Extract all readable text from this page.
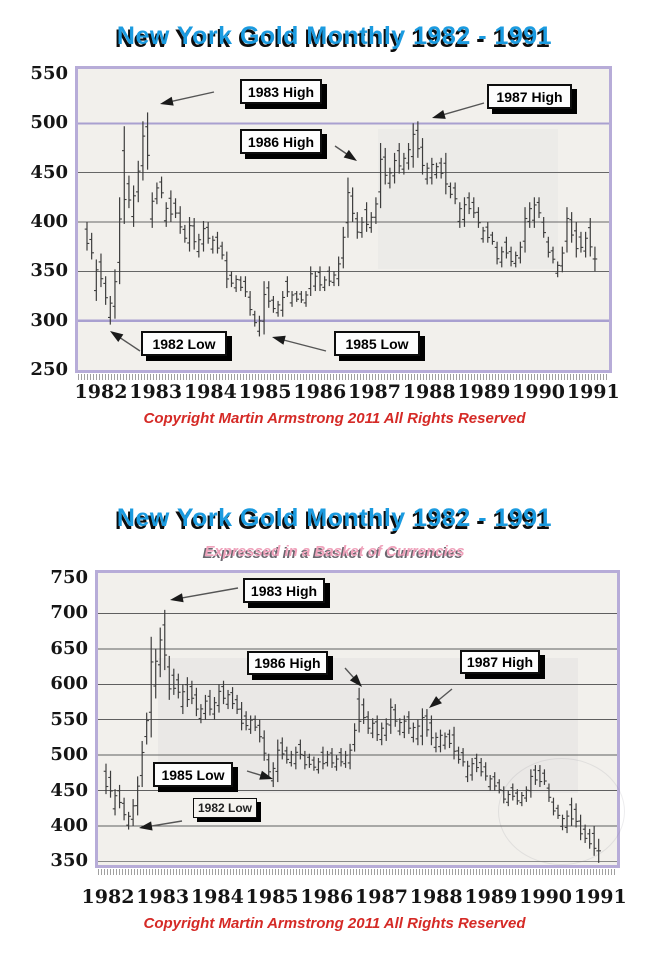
New York Gold Monthly 1982 - 1991
Copyright Martin Armstrong 2011 All Rights Reserved
New York Gold Monthly 1982 - 1991
Expressed in a Basket of Currencies
Copyright Martin Armstrong 2011 All Rights Reserved
1983 High	1987 High
1986 High
1982 Low	1985 Low
1983 High
1986 High	1987 High
1985 Low
1982 Low
550
500
450
400
350
300
250
1982 1983 1984 1985 1986 1987 1988 1989 1990 1991
750
700
650
600
550
500
450
400
350
1982 1983 1984 1985 1986 1987 1988 1989 1990 1991
